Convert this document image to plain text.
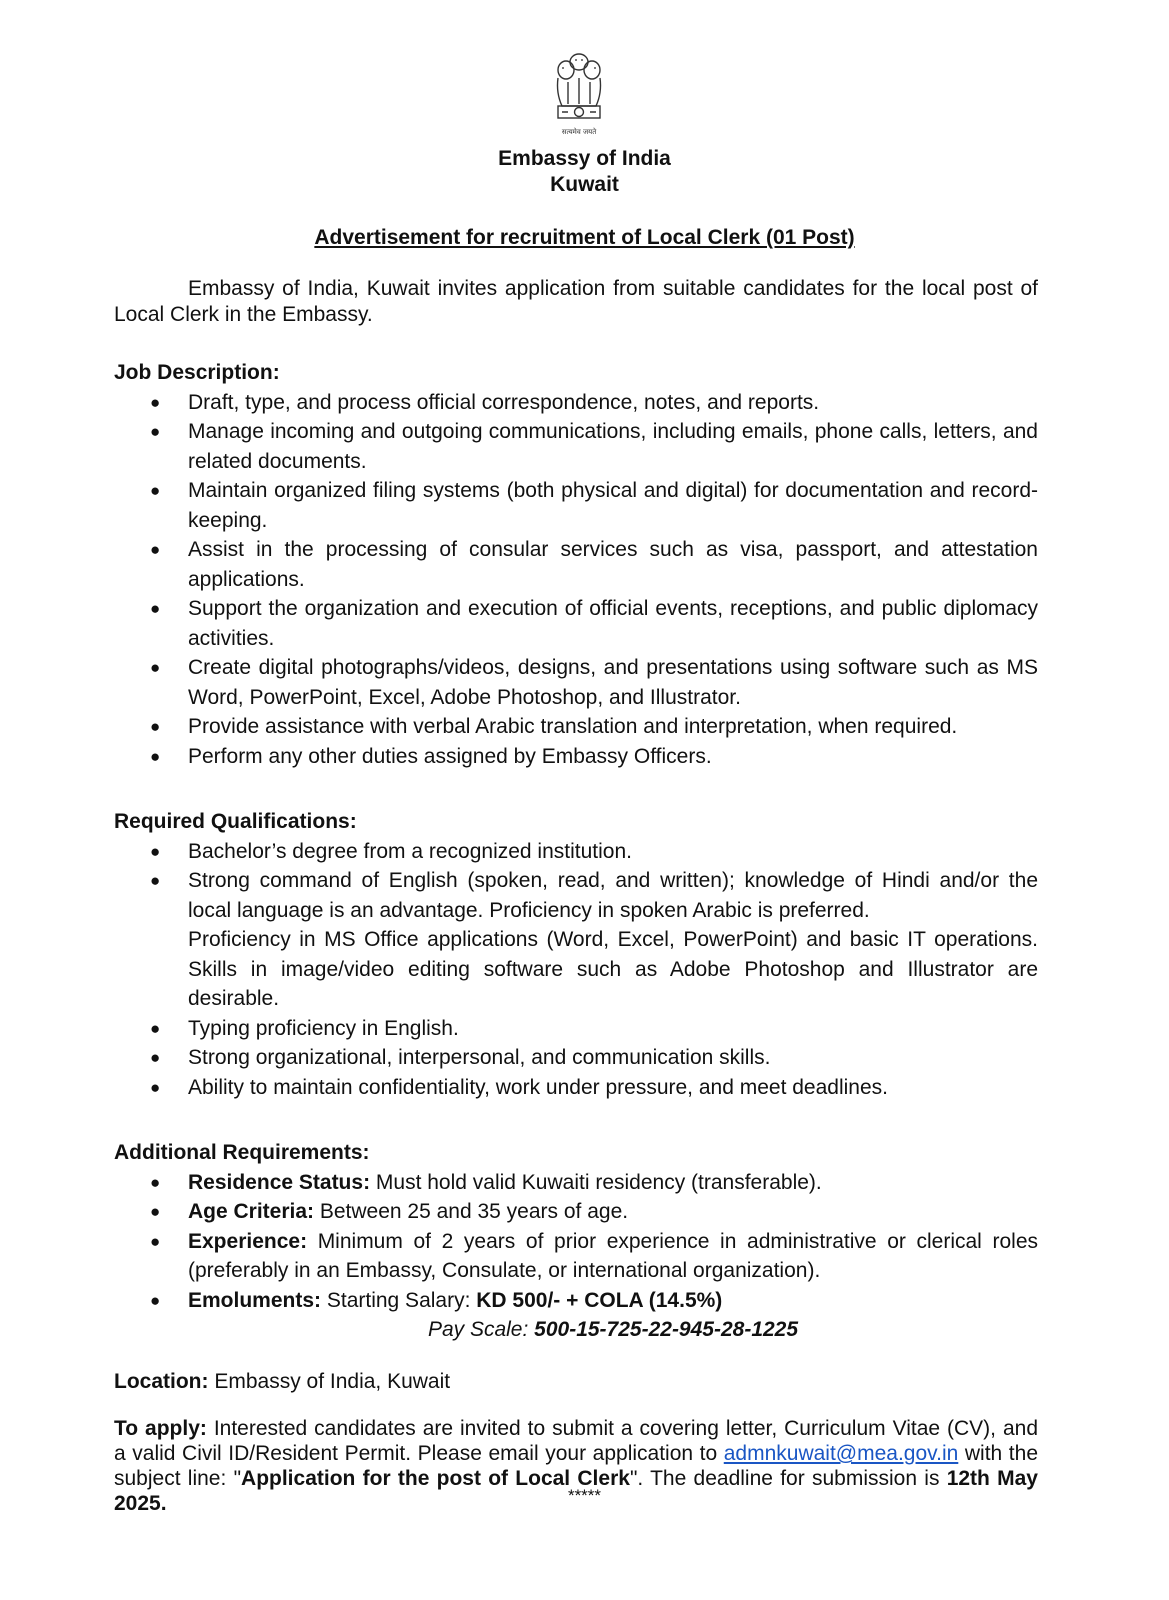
सत्यमेव जयते
Embassy of India
Kuwait
Advertisement for recruitment of Local Clerk (01 Post)

Embassy of India, Kuwait invites application from suitable candidates for the local post of Local Clerk in the Embassy.

Job Description:
● Draft, type, and process official correspondence, notes, and reports.
● Manage incoming and outgoing communications, including emails, phone calls, letters, and related documents.
● Maintain organized filing systems (both physical and digital) for documentation and record-keeping.
● Assist in the processing of consular services such as visa, passport, and attestation applications.
● Support the organization and execution of official events, receptions, and public diplomacy activities.
● Create digital photographs/videos, designs, and presentations using software such as MS Word, PowerPoint, Excel, Adobe Photoshop, and Illustrator.
● Provide assistance with verbal Arabic translation and interpretation, when required.
● Perform any other duties assigned by Embassy Officers.
Required Qualifications:
● Bachelor’s degree from a recognized institution.
● Strong command of English (spoken, read, and written); knowledge of Hindi and/or the local language is an advantage. Proficiency in spoken Arabic is preferred.
Proficiency in MS Office applications (Word, Excel, PowerPoint) and basic IT operations. Skills in image/video editing software such as Adobe Photoshop and Illustrator are desirable.
● Typing proficiency in English.
● Strong organizational, interpersonal, and communication skills.
● Ability to maintain confidentiality, work under pressure, and meet deadlines.
Additional Requirements:
● Residence Status: Must hold valid Kuwaiti residency (transferable).
● Age Criteria: Between 25 and 35 years of age.
● Experience: Minimum of 2 years of prior experience in administrative or clerical roles (preferably in an Embassy, Consulate, or international organization).
● Emoluments: Starting Salary: KD 500/- + COLA (14.5%)
Pay Scale: 500-15-725-22-945-28-1225
Location: Embassy of India, Kuwait
To apply: Interested candidates are invited to submit a covering letter, Curriculum Vitae (CV), and a valid Civil ID/Resident Permit. Please email your application to admnkuwait@mea.gov.in with the subject line: "Application for the post of Local Clerk". The deadline for submission is 12th May 2025.	*****
